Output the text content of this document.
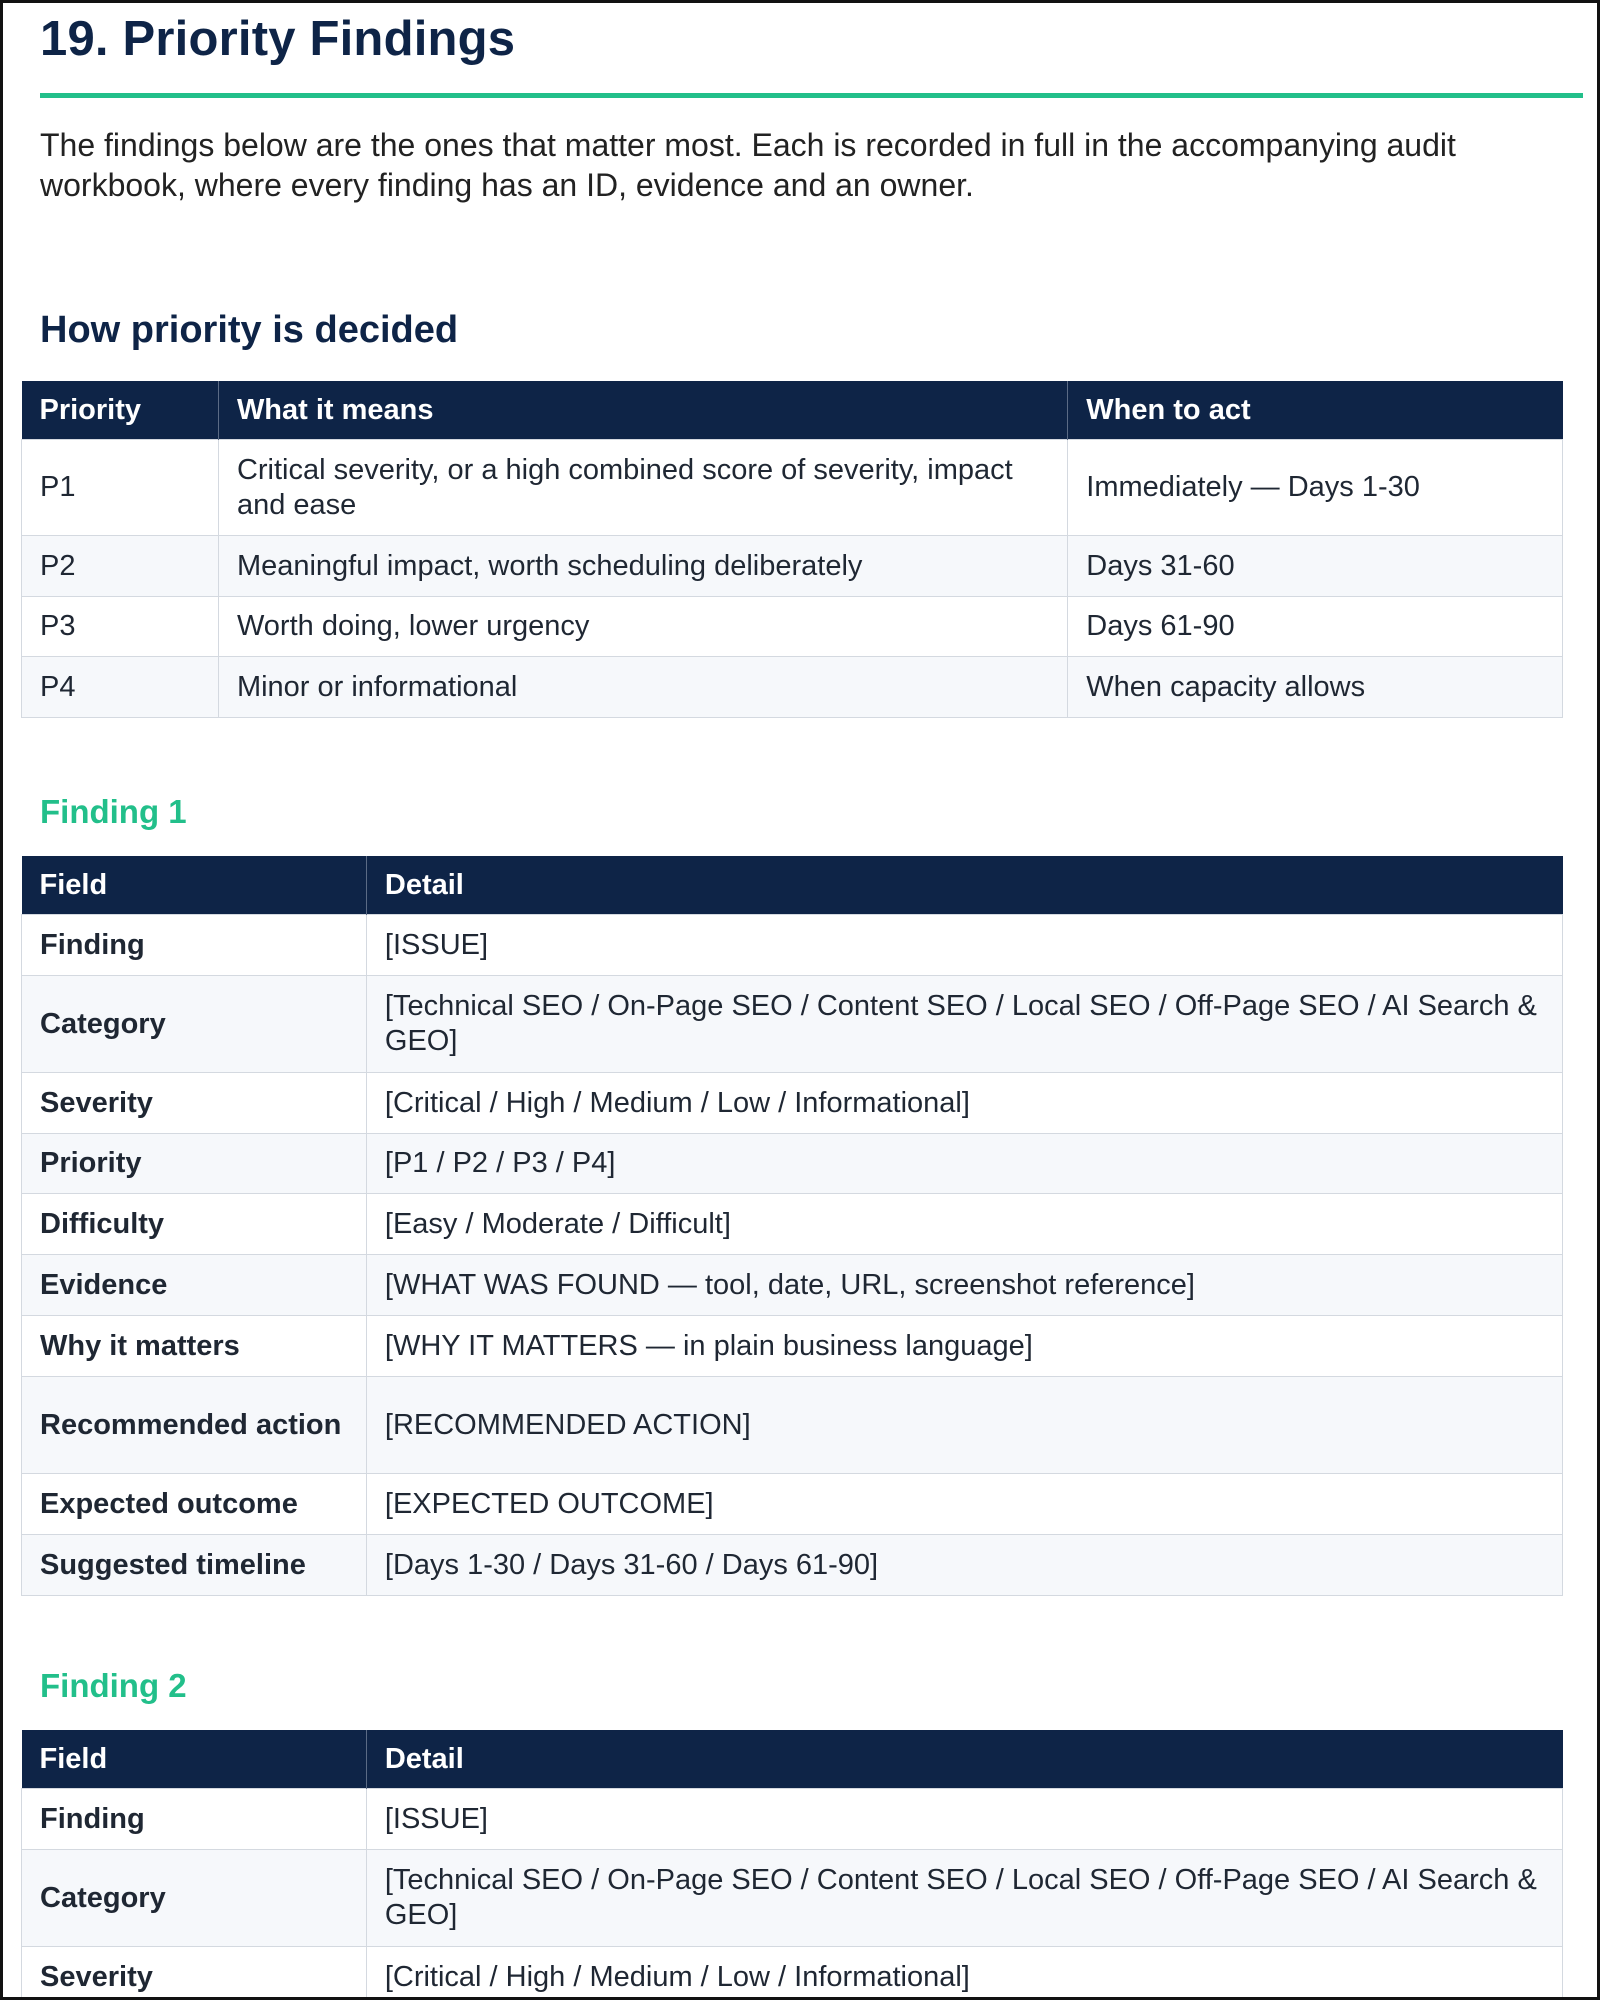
19. Priority Findings
The findings below are the ones that matter most. Each is recorded in full in the accompanying audit workbook, where every finding has an ID, evidence and an owner.
How priority is decided
Priority	What it means	When to act
P1	Critical severity, or a high combined score of severity, impact and ease	Immediately — Days 1-30
P2	Meaningful impact, worth scheduling deliberately	Days 31-60
P3	Worth doing, lower urgency	Days 61-90
P4	Minor or informational	When capacity allows
Finding 1
Field	Detail
Finding	[ISSUE]
Category	[Technical SEO / On-Page SEO / Content SEO / Local SEO / Off-Page SEO / AI Search & GEO]
Severity	[Critical / High / Medium / Low / Informational]
Priority	[P1 / P2 / P3 / P4]
Difficulty	[Easy / Moderate / Difficult]
Evidence	[WHAT WAS FOUND — tool, date, URL, screenshot reference]
Why it matters	[WHY IT MATTERS — in plain business language]
Recommended action	[RECOMMENDED ACTION]
Expected outcome	[EXPECTED OUTCOME]
Suggested timeline	[Days 1-30 / Days 31-60 / Days 61-90]
Finding 2
Field	Detail
Finding	[ISSUE]
Category	[Technical SEO / On-Page SEO / Content SEO / Local SEO / Off-Page SEO / AI Search & GEO]
Severity	[Critical / High / Medium / Low / Informational]
